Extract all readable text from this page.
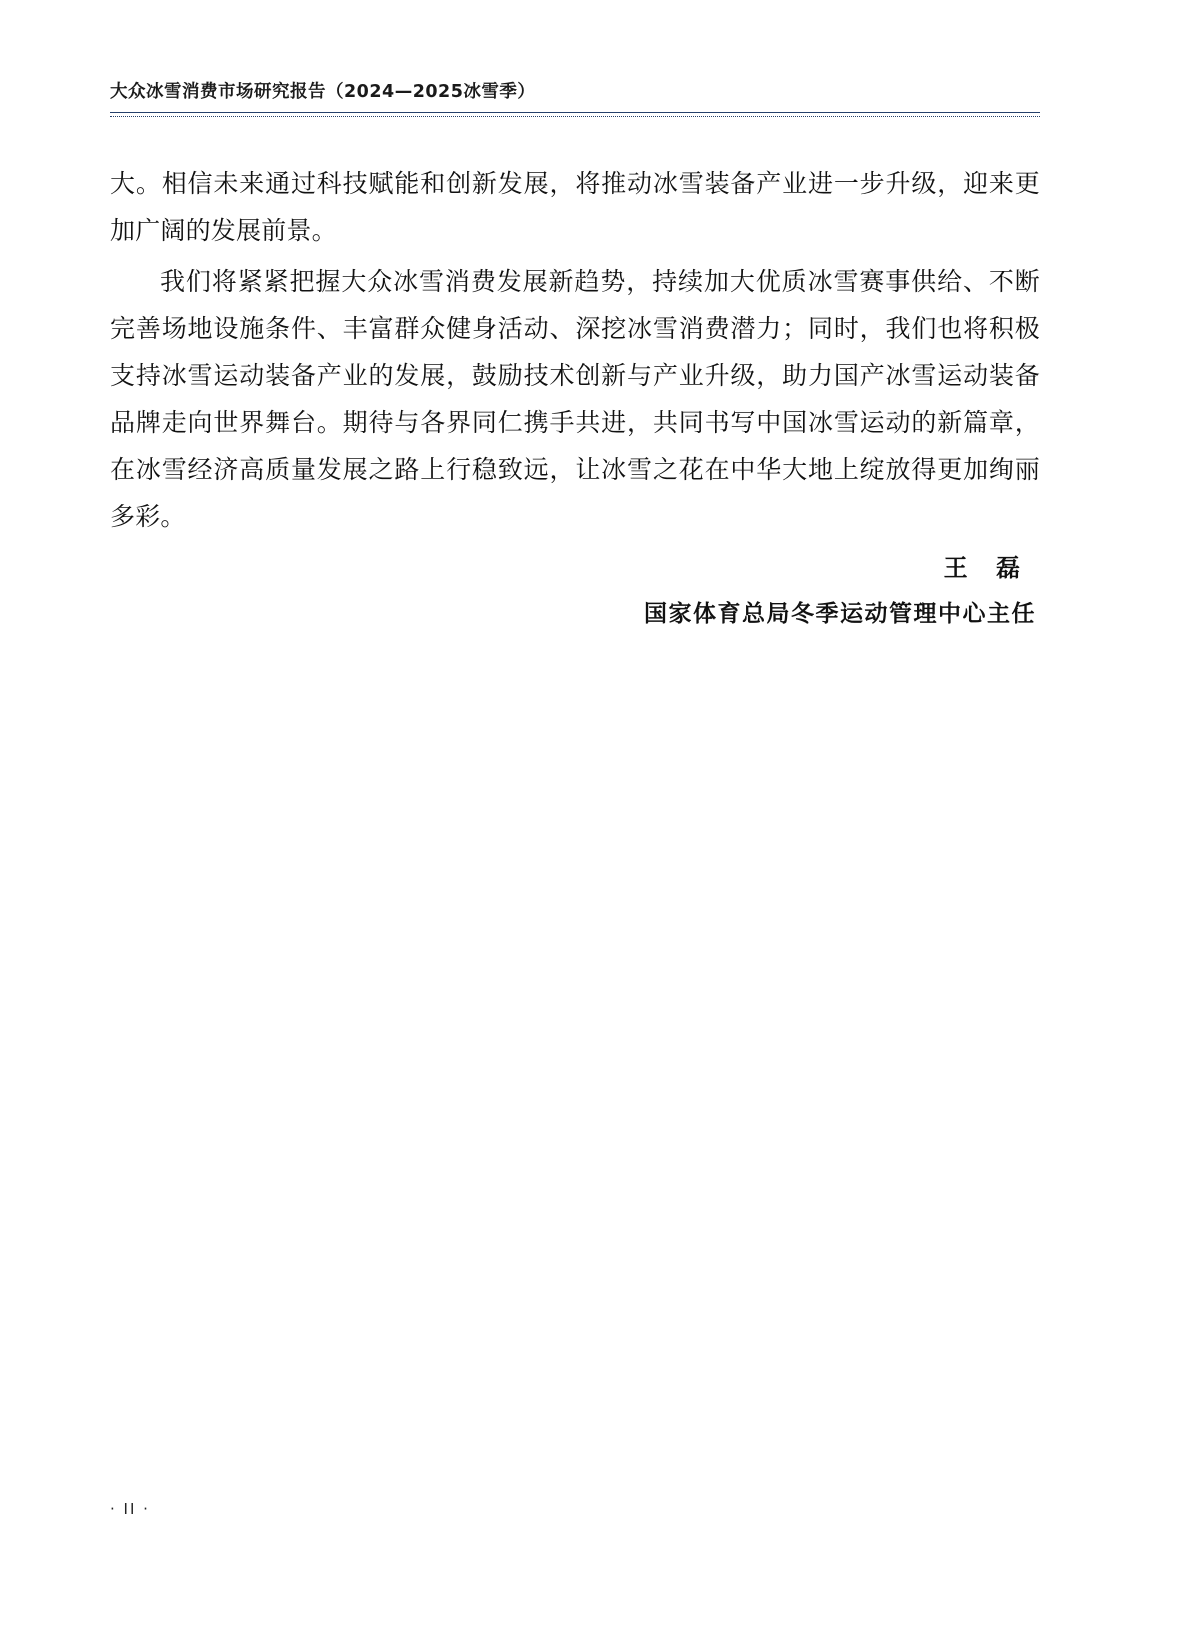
大众冰雪消费市场研究报告（2024—2025冰雪季）

大。相信未来通过科技赋能和创新发展，将推动冰雪装备产业进一步升级，迎来更加广阔的发展前景。

我们将紧紧把握大众冰雪消费发展新趋势，持续加大优质冰雪赛事供给、不断完善场地设施条件、丰富群众健身活动、深挖冰雪消费潜力；同时，我们也将积极支持冰雪运动装备产业的发展，鼓励技术创新与产业升级，助力国产冰雪运动装备品牌走向世界舞台。期待与各界同仁携手共进，共同书写中国冰雪运动的新篇章，在冰雪经济高质量发展之路上行稳致远，让冰雪之花在中华大地上绽放得更加绚丽多彩。

王 磊
国家体育总局冬季运动管理中心主任
· II ·
